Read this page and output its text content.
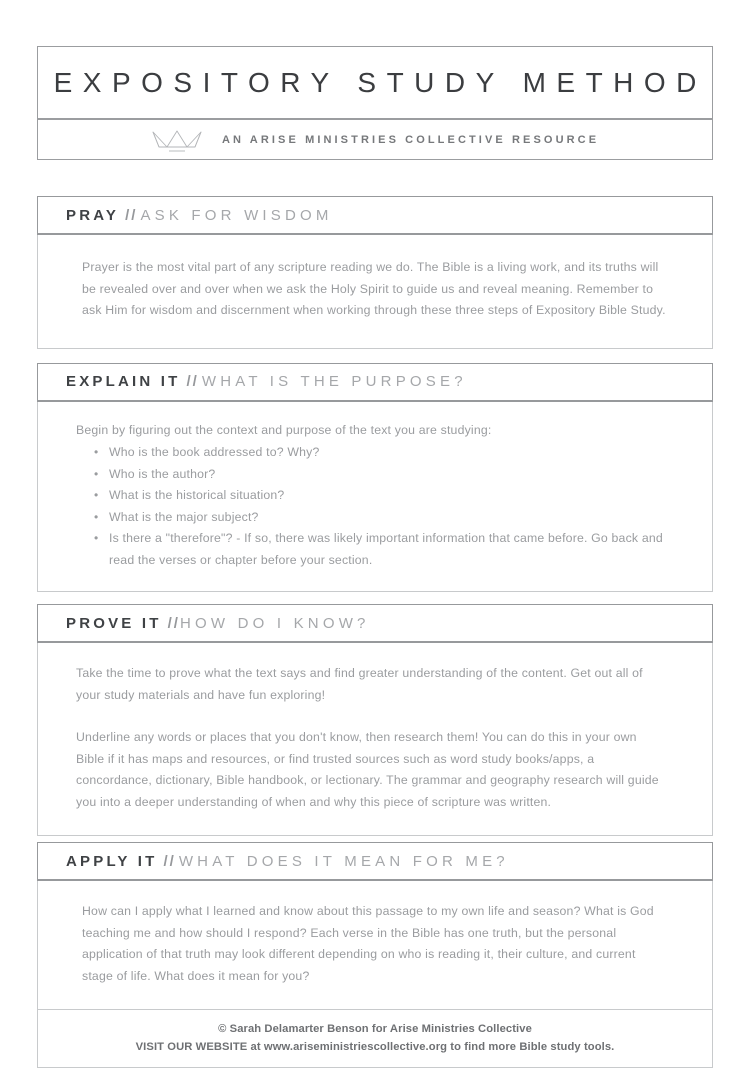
EXPOSITORY STUDY METHOD
AN ARISE MINISTRIES COLLECTIVE RESOURCE
PRAY // ASK FOR WISDOM

Prayer is the most vital part of any scripture reading we do. The Bible is a living work, and its truths will be revealed over and over when we ask the Holy Spirit to guide us and reveal meaning. Remember to ask Him for wisdom and discernment when working through these three steps of Expository Bible Study.

EXPLAIN IT // WHAT IS THE PURPOSE?

Begin by figuring out the context and purpose of the text you are studying:

• Who is the book addressed to? Why?
• Who is the author?
• What is the historical situation?
• What is the major subject?
• Is there a "therefore"? - If so, there was likely important information that came before. Go back and read the verses or chapter before your section.
PROVE IT // HOW DO I KNOW?

Take the time to prove what the text says and find greater understanding of the content. Get out all of your study materials and have fun exploring!

Underline any words or places that you don't know, then research them! You can do this in your own Bible if it has maps and resources, or find trusted sources such as word study books/apps, a concordance, dictionary, Bible handbook, or lectionary. The grammar and geography research will guide you into a deeper understanding of when and why this piece of scripture was written.

APPLY IT // WHAT DOES IT MEAN FOR ME?

How can I apply what I learned and know about this passage to my own life and season? What is God teaching me and how should I respond? Each verse in the Bible has one truth, but the personal application of that truth may look different depending on who is reading it, their culture, and current stage of life. What does it mean for you?

© Sarah Delamarter Benson for Arise Ministries Collective
VISIT OUR WEBSITE at www.ariseministriescollective.org to find more Bible study tools.
